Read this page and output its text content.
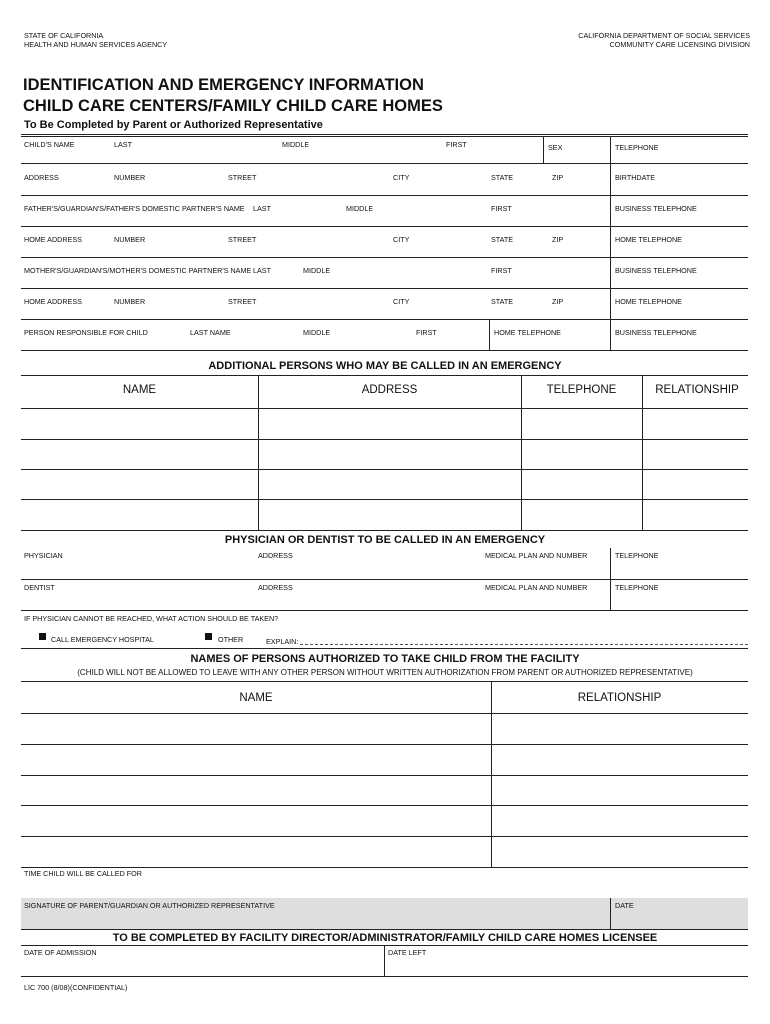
STATE OF CALIFORNIA
HEALTH AND HUMAN SERVICES AGENCY
CALIFORNIA DEPARTMENT OF SOCIAL SERVICES
COMMUNITY CARE LICENSING DIVISION
IDENTIFICATION AND EMERGENCY INFORMATION
CHILD CARE CENTERS/FAMILY CHILD CARE HOMES
To Be Completed by Parent or Authorized Representative
CHILD'S NAME	LAST	MIDDLE	FIRST	SEX	TELEPHONE
ADDRESS	NUMBER	STREET	CITY	STATE	ZIP	BIRTHDATE
FATHER'S/GUARDIAN'S/FATHER'S DOMESTIC PARTNER'S NAME LAST	MIDDLE	FIRST	BUSINESS TELEPHONE
HOME ADDRESS	NUMBER	STREET	CITY	STATE	ZIP	HOME TELEPHONE
MOTHER'S/GUARDIAN'S/MOTHER'S DOMESTIC PARTNER'S NAME LAST	MIDDLE	FIRST	BUSINESS TELEPHONE
HOME ADDRESS	NUMBER	STREET	CITY	STATE	ZIP	HOME TELEPHONE
PERSON RESPONSIBLE FOR CHILD	LAST NAME	MIDDLE	FIRST	HOME TELEPHONE	BUSINESS TELEPHONE
ADDITIONAL PERSONS WHO MAY BE CALLED IN AN EMERGENCY
NAME	ADDRESS	TELEPHONE	RELATIONSHIP
PHYSICIAN OR DENTIST TO BE CALLED IN AN EMERGENCY
PHYSICIAN	ADDRESS	MEDICAL PLAN AND NUMBER	TELEPHONE
DENTIST	ADDRESS	MEDICAL PLAN AND NUMBER	TELEPHONE
IF PHYSICIAN CANNOT BE REACHED, WHAT ACTION SHOULD BE TAKEN?
CALL EMERGENCY HOSPITAL	OTHER	EXPLAIN:
NAMES OF PERSONS AUTHORIZED TO TAKE CHILD FROM THE FACILITY
(CHILD WILL NOT BE ALLOWED TO LEAVE WITH ANY OTHER PERSON WITHOUT WRITTEN AUTHORIZATION FROM PARENT OR AUTHORIZED REPRESENTATIVE)
NAME	RELATIONSHIP
TIME CHILD WILL BE CALLED FOR
SIGNATURE OF PARENT/GUARDIAN OR AUTHORIZED REPRESENTATIVE	DATE
TO BE COMPLETED BY FACILITY DIRECTOR/ADMINISTRATOR/FAMILY CHILD CARE HOMES LICENSEE
DATE OF ADMISSION	DATE LEFT
LIC 700 (8/08)(CONFIDENTIAL)
